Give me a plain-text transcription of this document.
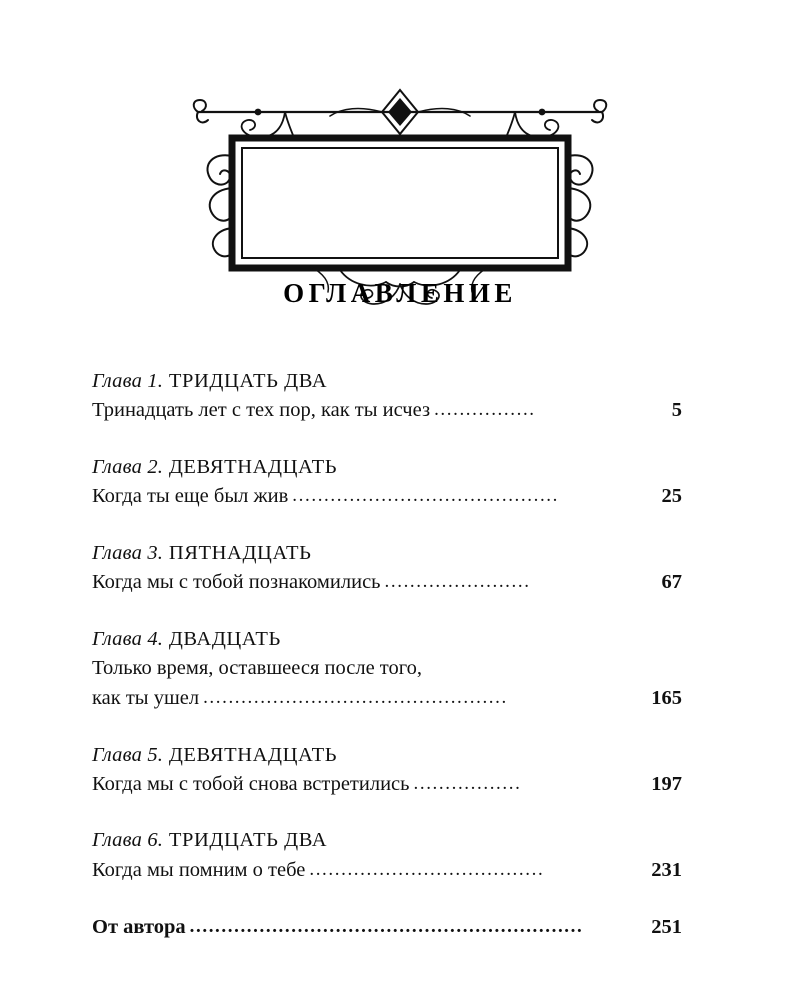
ОГЛАВЛЕНИЕ
Глава 1. ТРИДЦАТЬ ДВА
Тринадцать лет с тех пор, как ты исчез ................	5
Глава 2. ДЕВЯТНАДЦАТЬ
Когда ты еще был жив ..........................................	25
Глава 3. ПЯТНАДЦАТЬ
Когда мы с тобой познакомились .......................	67
Глава 4. ДВАДЦАТЬ
Только время, оставшееся после того,
как ты ушел ................................................	165
Глава 5. ДЕВЯТНАДЦАТЬ
Когда мы с тобой снова встретились .................	197
Глава 6. ТРИДЦАТЬ ДВА
Когда мы помним о тебе .....................................	231
От автора ..............................................................	251
